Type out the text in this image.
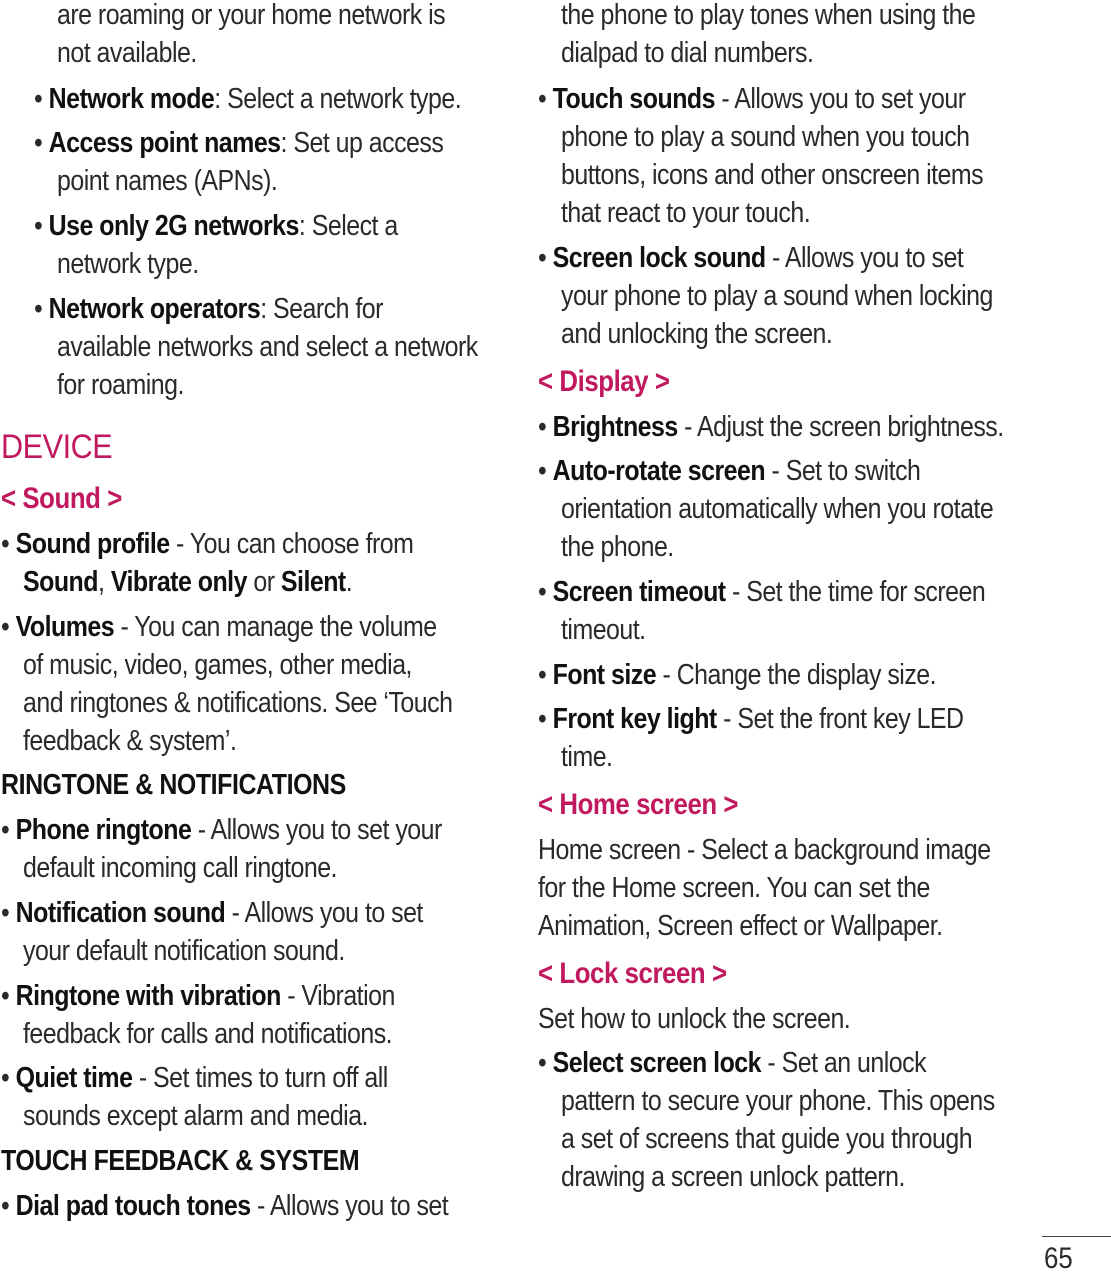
are roaming or your home network is
not available.
• Network mode: Select a network type.
• Access point names: Set up access
point names (APNs).
• Use only 2G networks: Select a
network type.
• Network operators: Search for
available networks and select a network
for roaming.
DEVICE
< Sound >
• Sound profile - You can choose from
Sound, Vibrate only or Silent.
• Volumes - You can manage the volume
of music, video, games, other media,
and ringtones & notifications. See ‘Touch
feedback & system’.
RINGTONE & NOTIFICATIONS
• Phone ringtone - Allows you to set your
default incoming call ringtone.
• Notification sound - Allows you to set
your default notification sound.
• Ringtone with vibration - Vibration
feedback for calls and notifications.
• Quiet time - Set times to turn off all
sounds except alarm and media.
TOUCH FEEDBACK & SYSTEM
• Dial pad touch tones - Allows you to set
the phone to play tones when using the
dialpad to dial numbers.
• Touch sounds - Allows you to set your
phone to play a sound when you touch
buttons, icons and other onscreen items
that react to your touch.
• Screen lock sound - Allows you to set
your phone to play a sound when locking
and unlocking the screen.
< Display >
• Brightness - Adjust the screen brightness.
• Auto-rotate screen - Set to switch
orientation automatically when you rotate
the phone.
• Screen timeout - Set the time for screen
timeout.
• Font size - Change the display size.
• Front key light - Set the front key LED
time.
< Home screen >
Home screen - Select a background image
for the Home screen. You can set the
Animation, Screen effect or Wallpaper.
< Lock screen >
Set how to unlock the screen.
• Select screen lock - Set an unlock
pattern to secure your phone. This opens
a set of screens that guide you through
drawing a screen unlock pattern.
65
